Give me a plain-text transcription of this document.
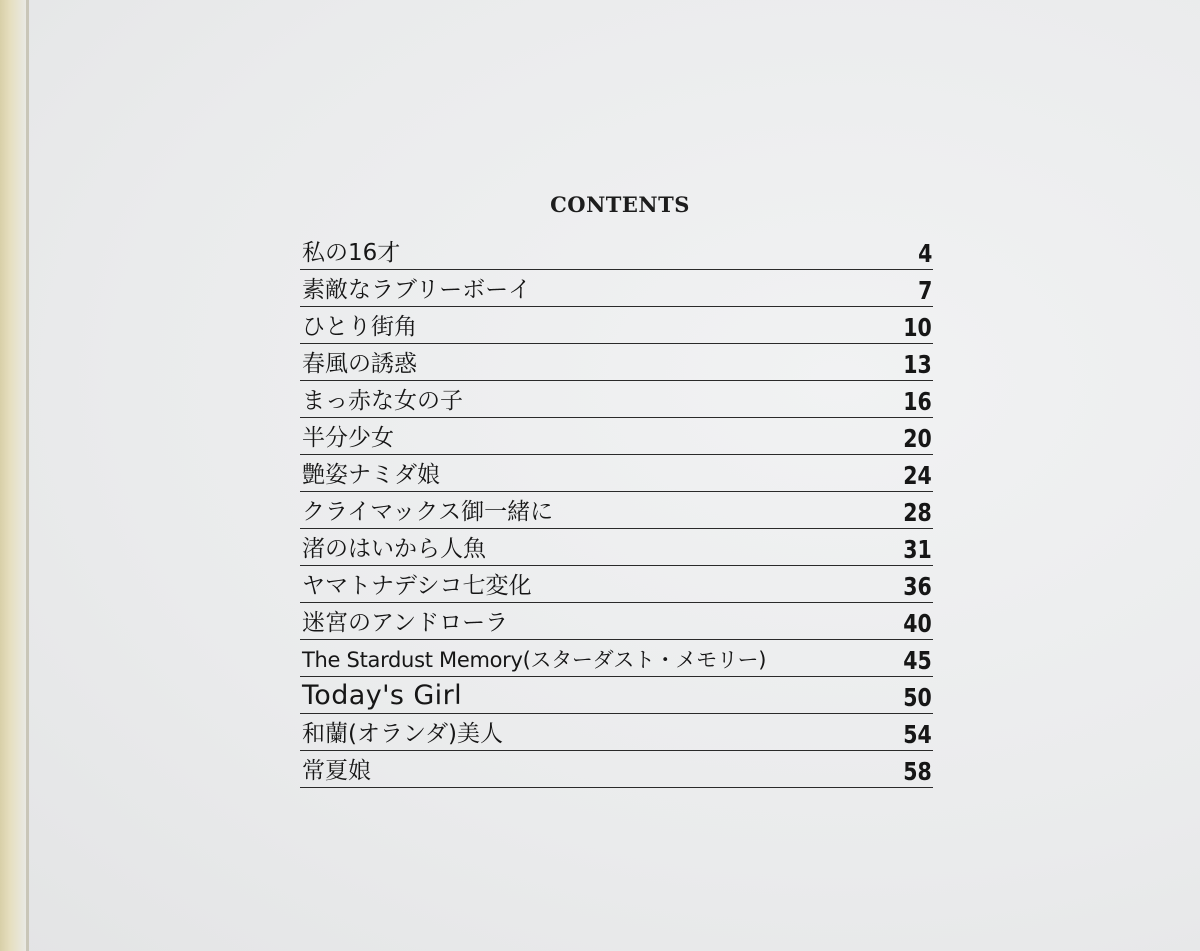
CONTENTS
私の16才	4
素敵なラブリーボーイ	7
ひとり街角	10
春風の誘惑	13
まっ赤な女の子	16
半分少女	20
艶姿ナミダ娘	24
クライマックス御一緒に	28
渚のはいから人魚	31
ヤマトナデシコ七変化	36
迷宮のアンドローラ	40
The Stardust Memory(スターダスト・メモリー)	45
Today's Girl	50
和蘭(オランダ)美人	54
常夏娘	58
